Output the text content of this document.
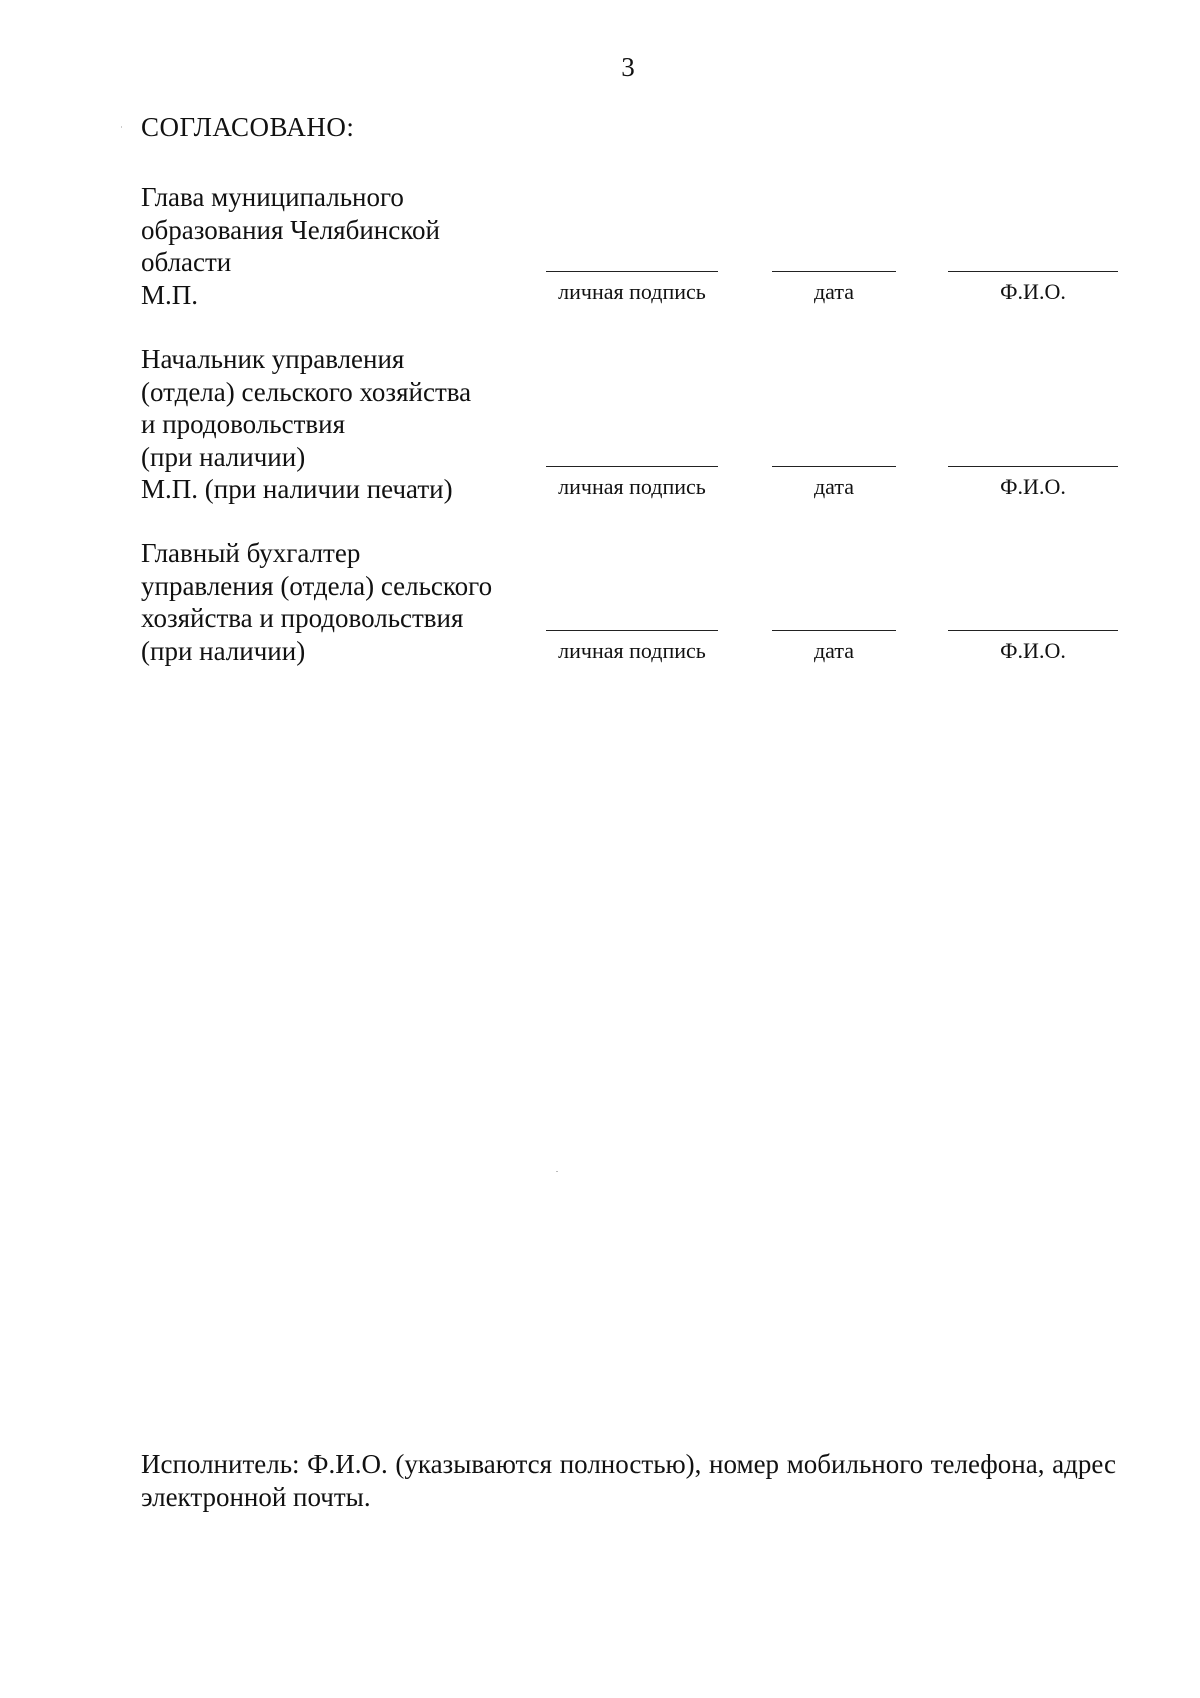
3
СОГЛАСОВАНО:
Глава муниципального
образования Челябинской
области
М.П.	личная подпись	дата	Ф.И.О.
Начальник управления
(отдела) сельского хозяйства
и продовольствия
(при наличии)
М.П. (при наличии печати)	личная подпись	дата	Ф.И.О.
Главный бухгалтер
управления (отдела) сельского
хозяйства и продовольствия
(при наличии)	личная подпись	дата	Ф.И.О.
Исполнитель: Ф.И.О. (указываются полностью), номер мобильного телефона, адрес электронной почты.
